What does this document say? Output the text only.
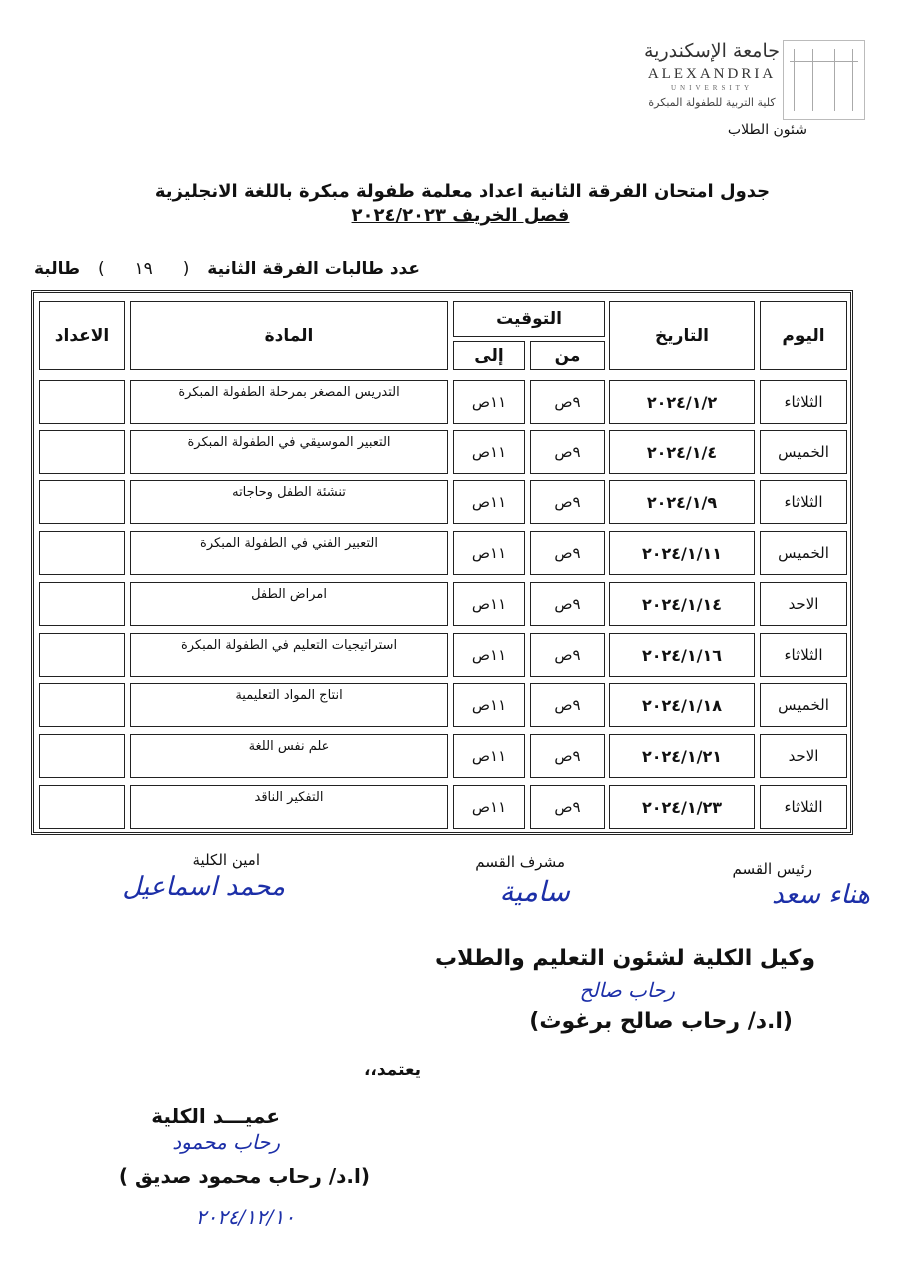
جامعة الإسكندرية
ALEXANDRIA
UNIVERSITY
كلية التربية للطفولة المبكرة
شئون الطلاب
جدول امتحان الفرقة الثانية اعداد معلمة طفولة مبكرة باللغة الانجليزية
فصل الخريف ٢٠٢٤/٢٠٢٣
عدد طالبات الفرقة الثانية ( ١٩ ) طالبة
اليوم
التاريخ
التوقيت
من
إلى
المادة
الاعداد
الثلاثاء
٢٠٢٤/١/٢
٩ص
١١ص
التدريس المصغر بمرحلة الطفولة المبكرة
الخميس
٢٠٢٤/١/٤
٩ص
١١ص
التعبير الموسيقي في الطفولة المبكرة
الثلاثاء
٢٠٢٤/١/٩
٩ص
١١ص
تنشئة الطفل وحاجاته
الخميس
٢٠٢٤/١/١١
٩ص
١١ص
التعبير الفني في الطفولة المبكرة
الاحد
٢٠٢٤/١/١٤
٩ص
١١ص
امراض الطفل
الثلاثاء
٢٠٢٤/١/١٦
٩ص
١١ص
استراتيجيات التعليم في الطفولة المبكرة
الخميس
٢٠٢٤/١/١٨
٩ص
١١ص
انتاج المواد التعليمية
الاحد
٢٠٢٤/١/٢١
٩ص
١١ص
علم نفس اللغة
الثلاثاء
٢٠٢٤/١/٢٣
٩ص
١١ص
التفكير الناقد
رئيس القسم
هناء سعد
مشرف القسم
سامية
امين الكلية
محمد اسماعيل
وكيل الكلية لشئون التعليم والطلاب
رحاب صالح
(ا.د/ رحاب صالح برغوث)
يعتمد،،
عميـــد الكلية
رحاب محمود
(ا.د/ رحاب محمود صديق )
٢٠٢٤/١٢/١٠
